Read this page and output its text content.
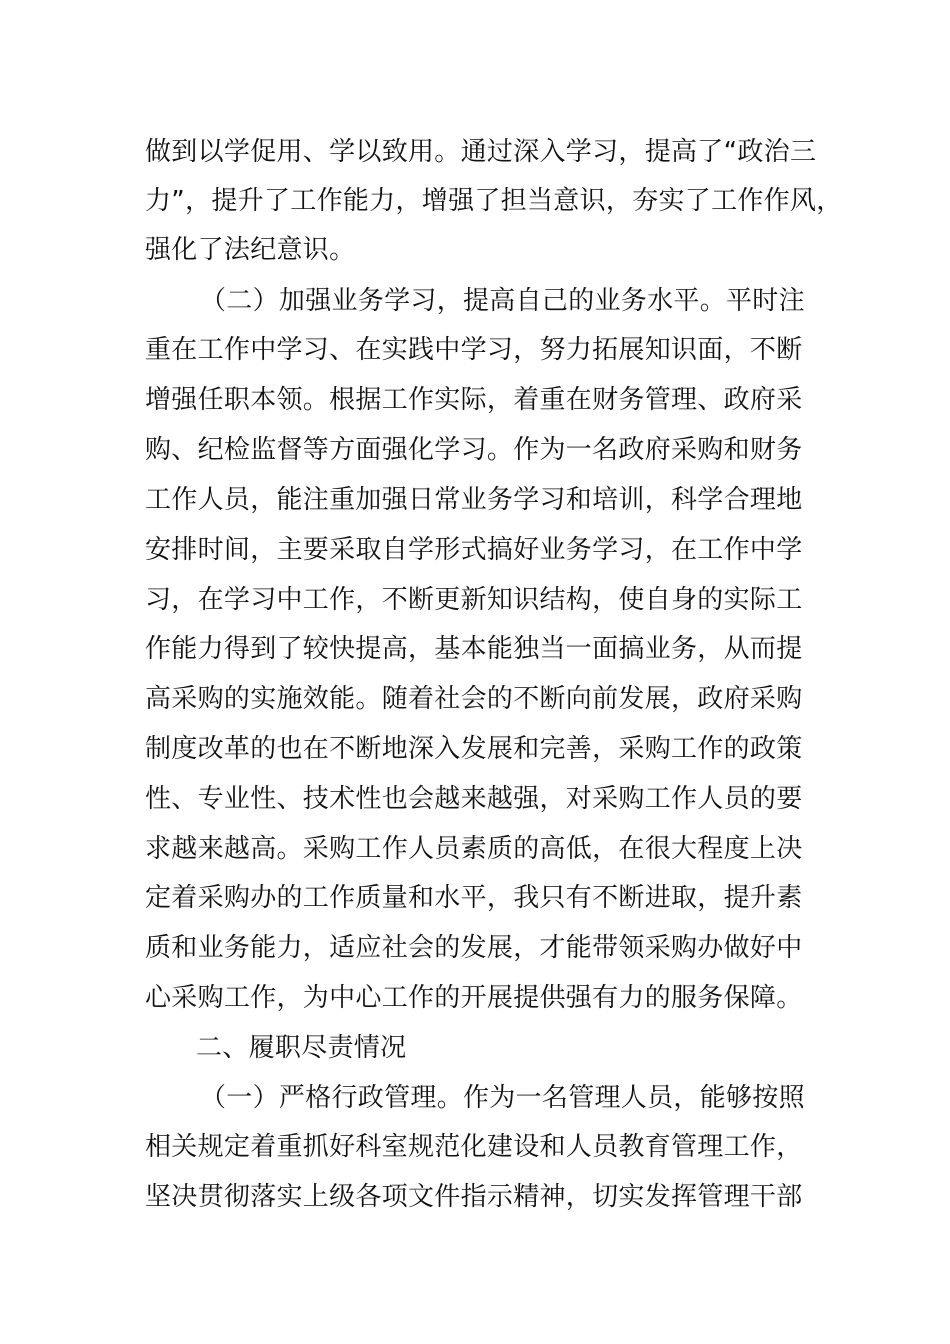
做到以学促用、学以致用。通过深入学习，提高了“政治三
力”，提升了工作能力，增强了担当意识，夯实了工作作风，
强化了法纪意识。
（二）加强业务学习，提高自己的业务水平。平时注
重在工作中学习、在实践中学习，努力拓展知识面，不断
增强任职本领。根据工作实际，着重在财务管理、政府采
购、纪检监督等方面强化学习。作为一名政府采购和财务
工作人员，能注重加强日常业务学习和培训，科学合理地
安排时间，主要采取自学形式搞好业务学习，在工作中学
习，在学习中工作，不断更新知识结构，使自身的实际工
作能力得到了较快提高，基本能独当一面搞业务，从而提
高采购的实施效能。随着社会的不断向前发展，政府采购
制度改革的也在不断地深入发展和完善，采购工作的政策
性、专业性、技术性也会越来越强，对采购工作人员的要
求越来越高。采购工作人员素质的高低，在很大程度上决
定着采购办的工作质量和水平，我只有不断进取，提升素
质和业务能力，适应社会的发展，才能带领采购办做好中
心采购工作，为中心工作的开展提供强有力的服务保障。
二、履职尽责情况
（一）严格行政管理。作为一名管理人员，能够按照
相关规定着重抓好科室规范化建设和人员教育管理工作，
坚决贯彻落实上级各项文件指示精神，切实发挥管理干部
